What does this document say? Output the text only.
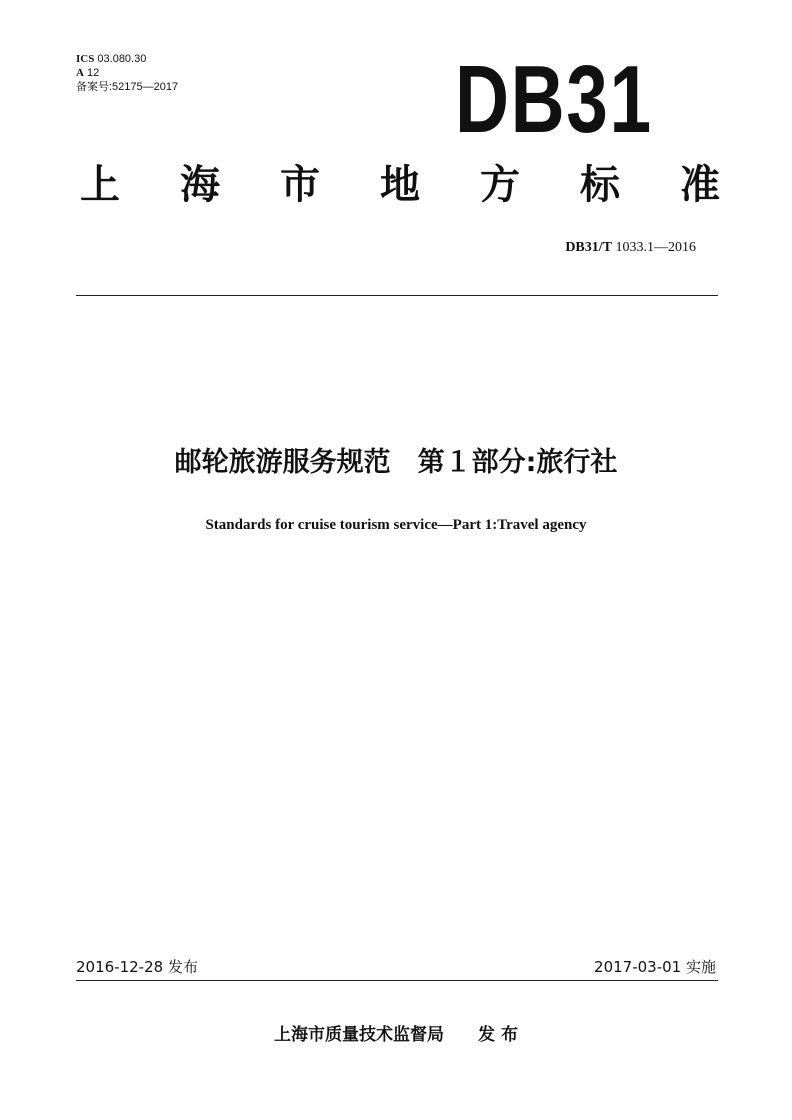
ICS 03.080.30
A 12
备案号:52175—2017	DB31
上 海 市 地 方 标 准
DB31/T 1033.1—2016
邮轮旅游服务规范　第１部分:旅行社
Standards for cruise tourism service—Part 1:Travel agency
2016-12-28 发布	2017-03-01 实施
上海市质量技术监督局　　发 布
